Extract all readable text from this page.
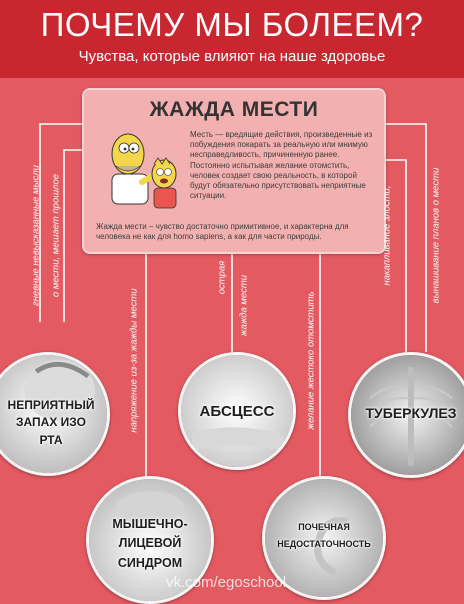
ПОЧЕМУ МЫ БОЛЕЕМ?
Чувства, которые влияют на наше здоровье
ЖАЖДА МЕСТИ

Месть — вредящие действия, произведенные из побуждения покарать за реальную или мнимую несправедливость, причиненную ранее.

Постоянно испытывая желание отомстить, человек создает свою реальность, в которой будут обязательно присутствовать неприятные ситуации.

Жажда мести – чувство достаточно примитивное, и характерна для человека не как для homo sapiens, а как для части природы.
гневные невысказанные мысли о мести, мешает прошлое
напряжение из-за жажды мести
острая жажда мести	желание жестоко отомстить
накапливание злости,	вынашивание планов о мести
НЕПРИЯТНЫЙ ЗАПАХ ИЗО РТА
АБСЦЕСС	ТУБЕРКУЛЕЗ
МЫШЕЧНО-ЛИЦЕВОЙ СИНДРОМ
ПОЧЕЧНАЯ НЕДОСТАТОЧНОСТЬ
vk.com/egoschool
